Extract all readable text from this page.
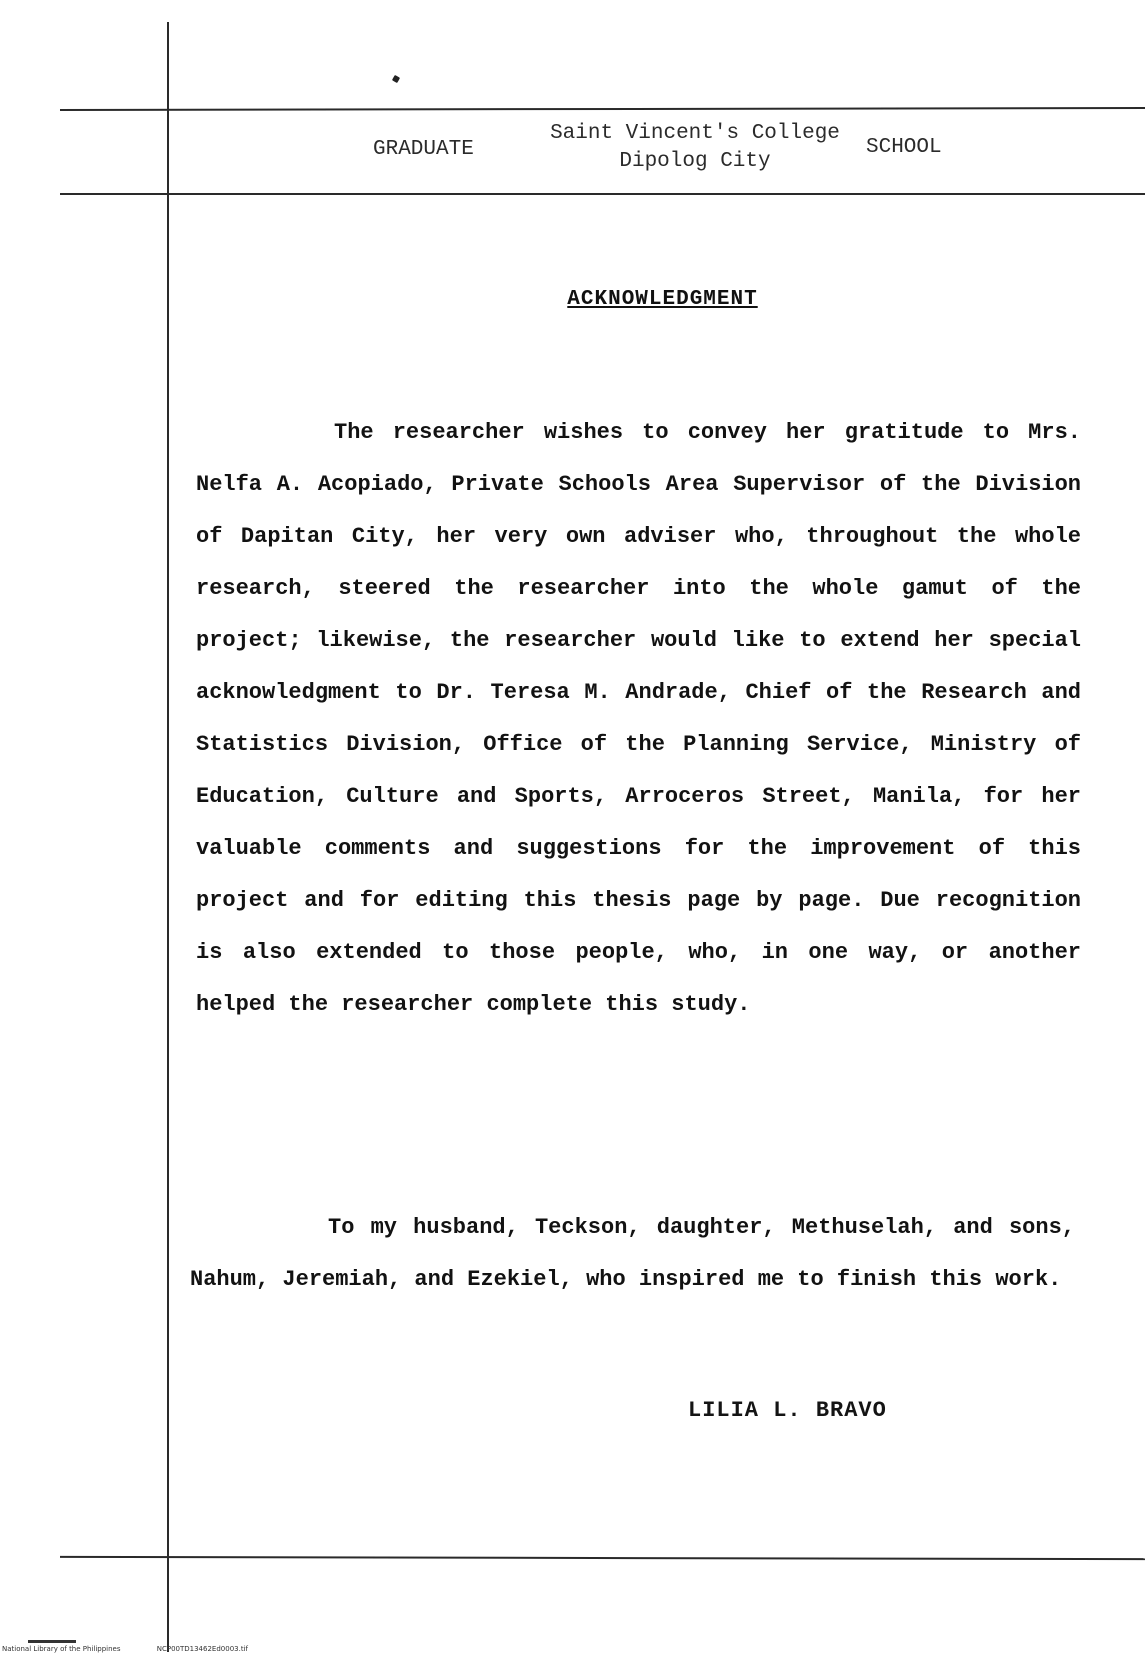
GRADUATE
Saint Vincent's College
Dipolog City
SCHOOL
ACKNOWLEDGMENT

The researcher wishes to convey her gratitude to Mrs. Nelfa A. Acopiado, Private Schools Area Supervisor of the Division of Dapitan City, her very own adviser who, throughout the whole research, steered the researcher into the whole gamut of the project; likewise, the researcher would like to extend her special acknowledgment to Dr. Teresa M. Andrade, Chief of the Research and Statistics Division, Office of the Planning Service, Ministry of Education, Culture and Sports, Arroceros Street, Manila, for her valuable comments and suggestions for the improvement of this project and for editing this thesis page by page. Due recognition is also extended to those people, who, in one way, or another helped the researcher complete this study.

To my husband, Teckson, daughter, Methuselah, and sons, Nahum, Jeremiah, and Ezekiel, who inspired me to finish this work.

LILIA L. BRAVO
National Library of the Philippines	NCP00TD13462Ed0003.tif
